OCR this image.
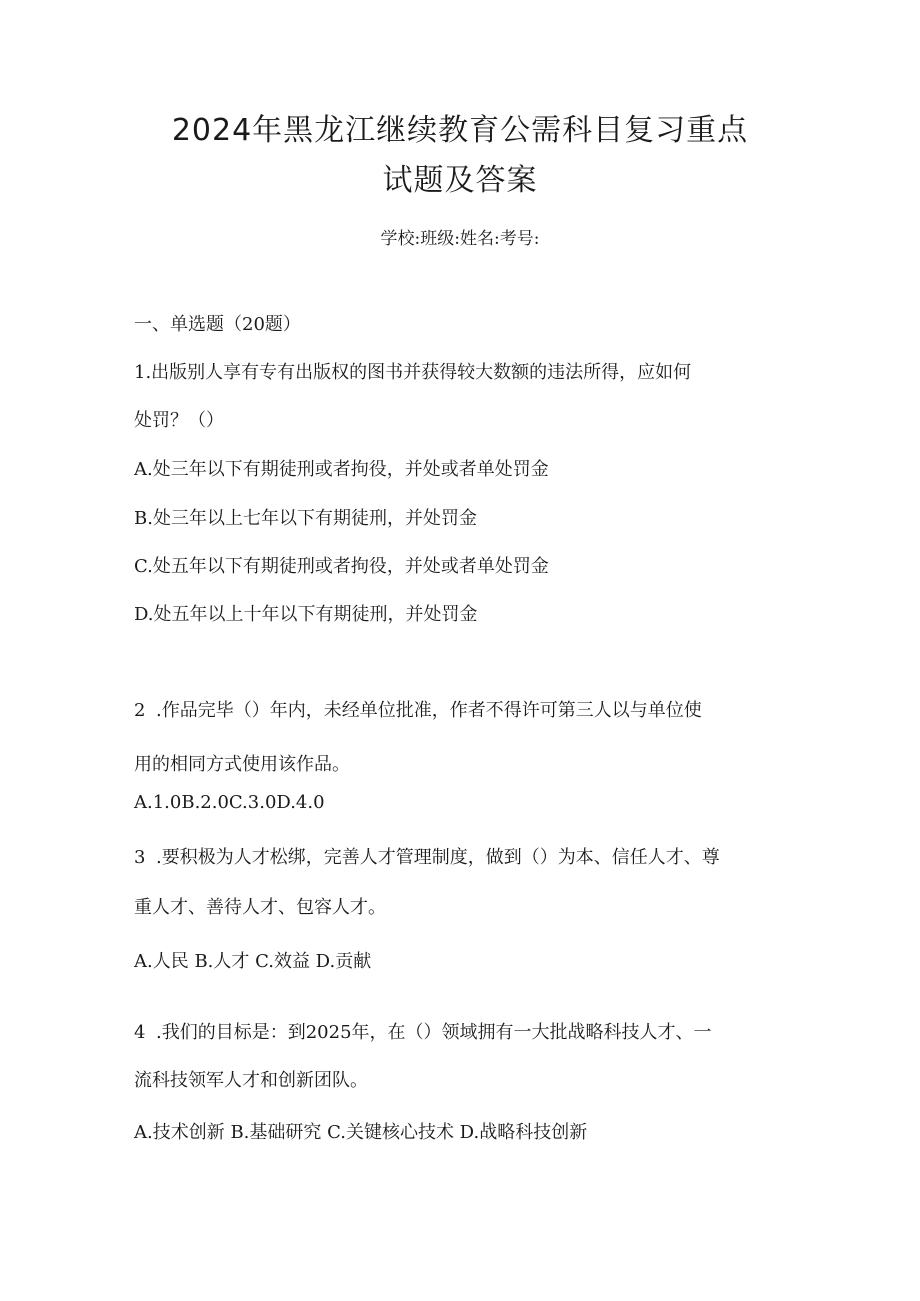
2024年黑龙江继续教育公需科目复习重点
试题及答案
学校:班级:姓名:考号:
一、单选题（20题）
1.出版别人享有专有出版权的图书并获得较大数额的违法所得，应如何
处罚？（）
A.处三年以下有期徒刑或者拘役，并处或者单处罚金
B.处三年以上七年以下有期徒刑，并处罚金
C.处五年以下有期徒刑或者拘役，并处或者单处罚金
D.处五年以上十年以下有期徒刑，并处罚金
2 .作品完毕（）年内，未经单位批准，作者不得许可第三人以与单位使
用的相同方式使用该作品。
A.1.0B.2.0C.3.0D.4.0
3 .要积极为人才松绑，完善人才管理制度，做到（）为本、信任人才、尊
重人才、善待人才、包容人才。
A.人民 B.人才 C.效益 D.贡献
4 .我们的目标是：到2025年，在（）领域拥有一大批战略科技人才、一
流科技领军人才和创新团队。
A.技术创新 B.基础研究 C.关键核心技术 D.战略科技创新
